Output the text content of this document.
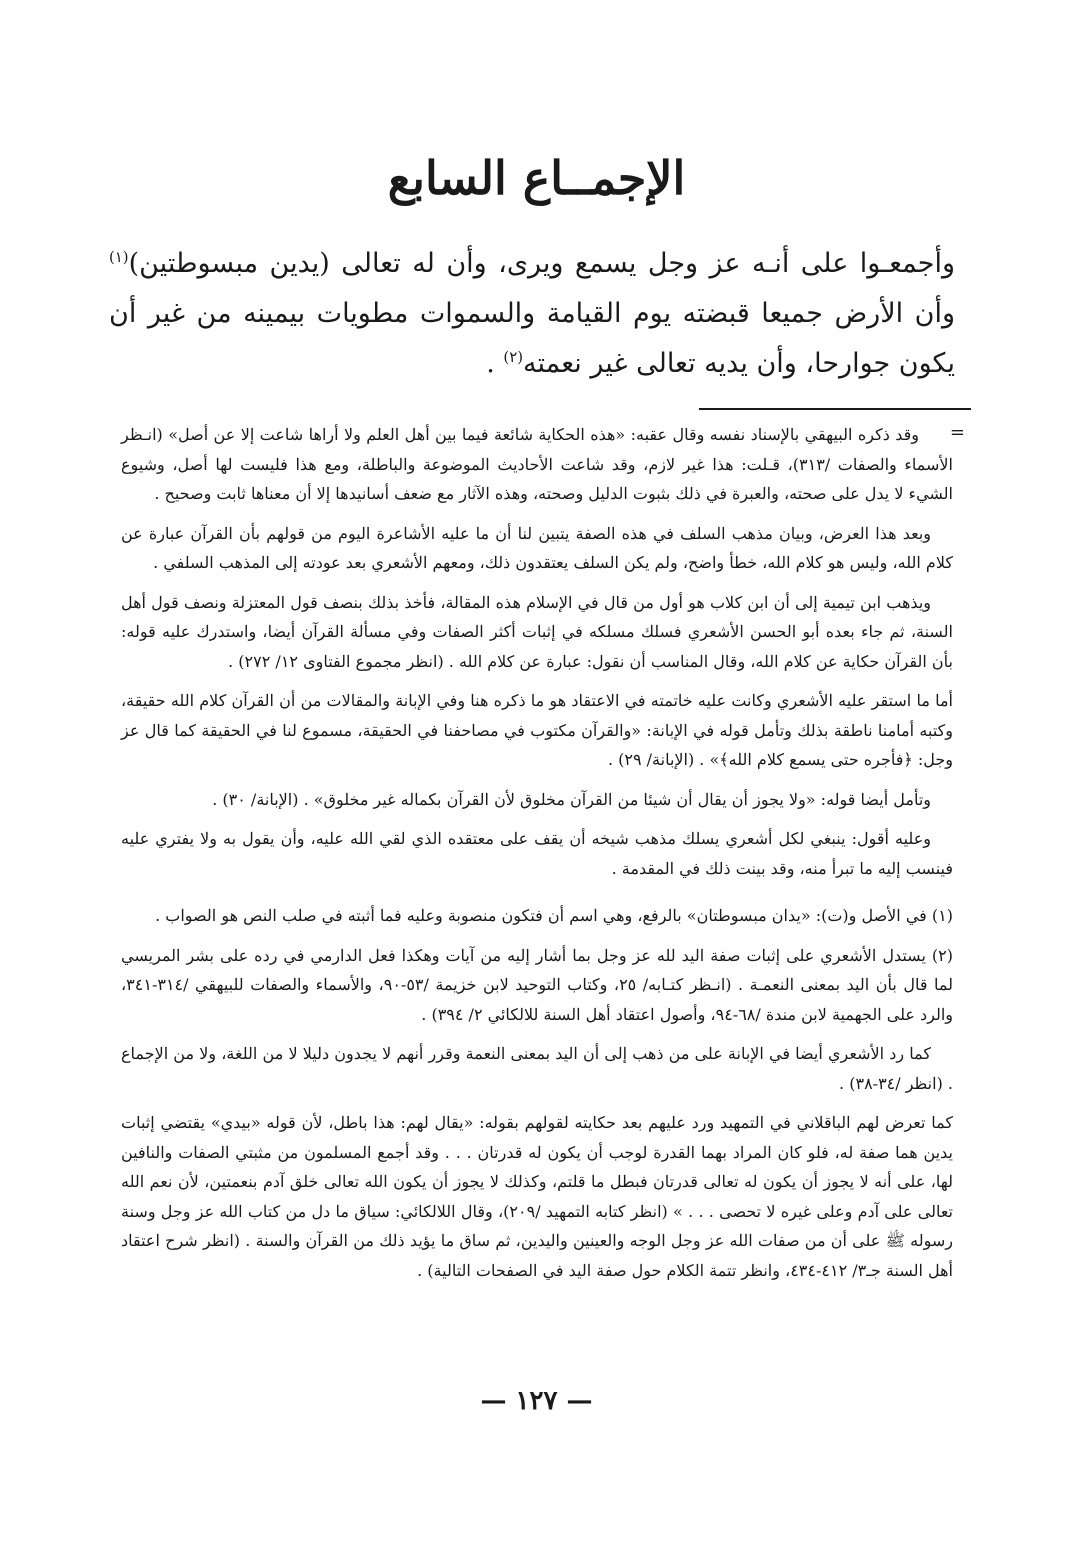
الإجمــاع السابع

وأجمعـوا على أنـه عز وجل يسمع ويرى، وأن له تعالى (يدين مبسوطتين)$^{(١)}$ وأن الأرض جميعا قبضته يوم القيامة والسموات مطويات بيمينه من غير أن يكون جوارحا، وأن يديه تعالى غير نعمته$^{(٢)}$ .

=

وقد ذكره البيهقي بالإسناد نفسه وقال عقبه: «هذه الحكاية شائعة فيما بين أهل العلم ولا أراها شاعت إلا عن أصل» (انـظر الأسماء والصفات /٣١٣)، قـلت: هذا غير لازم، وقد شاعت الأحاديث الموضوعة والباطلة، ومع هذا فليست لها أصل، وشيوع الشيء لا يدل على صحته، والعبرة في ذلك بثبوت الدليل وصحته، وهذه الآثار مع ضعف أسانيدها إلا أن معناها ثابت وصحيح .

وبعد هذا العرض، وبيان مذهب السلف في هذه الصفة يتبين لنا أن ما عليه الأشاعرة اليوم من قولهم بأن القرآن عبارة عن كلام الله، وليس هو كلام الله، خطأ واضح، ولم يكن السلف يعتقدون ذلك، ومعهم الأشعري بعد عودته إلى المذهب السلفي .

ويذهب ابن تيمية إلى أن ابن كلاب هو أول من قال في الإسلام هذه المقالة، فأخذ بذلك بنصف قول المعتزلة ونصف قول أهل السنة، ثم جاء بعده أبو الحسن الأشعري فسلك مسلكه في إثبات أكثر الصفات وفي مسألة القرآن أيضا، واستدرك عليه قوله: بأن القرآن حكاية عن كلام الله، وقال المناسب أن نقول: عبارة عن كلام الله . (انظر مجموع الفتاوى ١٢/ ٢٧٢) .

أما ما استقر عليه الأشعري وكانت عليه خاتمته في الاعتقاد هو ما ذكره هنا وفي الإبانة والمقالات من أن القرآن كلام الله حقيقة، وكتبه أمامنا ناطقة بذلك وتأمل قوله في الإبانة: «والقرآن مكتوب في مصاحفنا في الحقيقة، مسموع لنا في الحقيقة كما قال عز وجل: ﴿فأجره حتى يسمع كلام الله﴾» . (الإبانة/ ٢٩) .

وتأمل أيضا قوله: «ولا يجوز أن يقال أن شيئا من القرآن مخلوق لأن القرآن بكماله غير مخلوق» . (الإبانة/ ٣٠) .

وعليه أقول: ينبغي لكل أشعري يسلك مذهب شيخه أن يقف على معتقده الذي لقي الله عليه، وأن يقول به ولا يفتري عليه فينسب إليه ما تبرأ منه، وقد بينت ذلك في المقدمة .

(١) في الأصل و(ت): «يدان مبسوطتان» بالرفع، وهي اسم أن فتكون منصوبة وعليه فما أثبته في صلب النص هو الصواب .

(٢) يستدل الأشعري على إثبات صفة اليد لله عز وجل بما أشار إليه من آيات وهكذا فعل الدارمي في رده على بشر المريسي لما قال بأن اليد بمعنى النعمـة . (انـظر كتـابه/ ٢٥، وكتاب التوحيد لابن خزيمة /٥٣-٩٠، والأسماء والصفات للبيهقي /٣١٤-٣٤١، والرد على الجهمية لابن مندة /٦٨-٩٤، وأصول اعتقاد أهل السنة للالكائي ٢/ ٣٩٤) .

كما رد الأشعري أيضا في الإبانة على من ذهب إلى أن اليد بمعنى النعمة وقرر أنهم لا يجدون دليلا لا من اللغة، ولا من الإجماع . (انظر /٣٤-٣٨) .

كما تعرض لهم الباقلاني في التمهيد ورد عليهم بعد حكايته لقولهم بقوله: «يقال لهم: هذا باطل، لأن قوله «بيدي» يقتضي إثبات يدين هما صفة له، فلو كان المراد بهما القدرة لوجب أن يكون له قدرتان . . . وقد أجمع المسلمون من مثبتي الصفات والنافين لها، على أنه لا يجوز أن يكون له تعالى قدرتان فبطل ما قلتم، وكذلك لا يجوز أن يكون الله تعالى خلق آدم بنعمتين، لأن نعم الله تعالى على آدم وعلى غيره لا تحصى . . . » (انظر كتابه التمهيد /٢٠٩)، وقال اللالكائي: سياق ما دل من كتاب الله عز وجل وسنة رسوله ﷺ على أن من صفات الله عز وجل الوجه والعينين واليدين، ثم ساق ما يؤيد ذلك من القرآن والسنة . (انظر شرح اعتقاد أهل السنة جـ٣/ ٤١٢-٤٣٤، وانظر تتمة الكلام حول صفة اليد في الصفحات التالية) .

— ١٢٧ —
